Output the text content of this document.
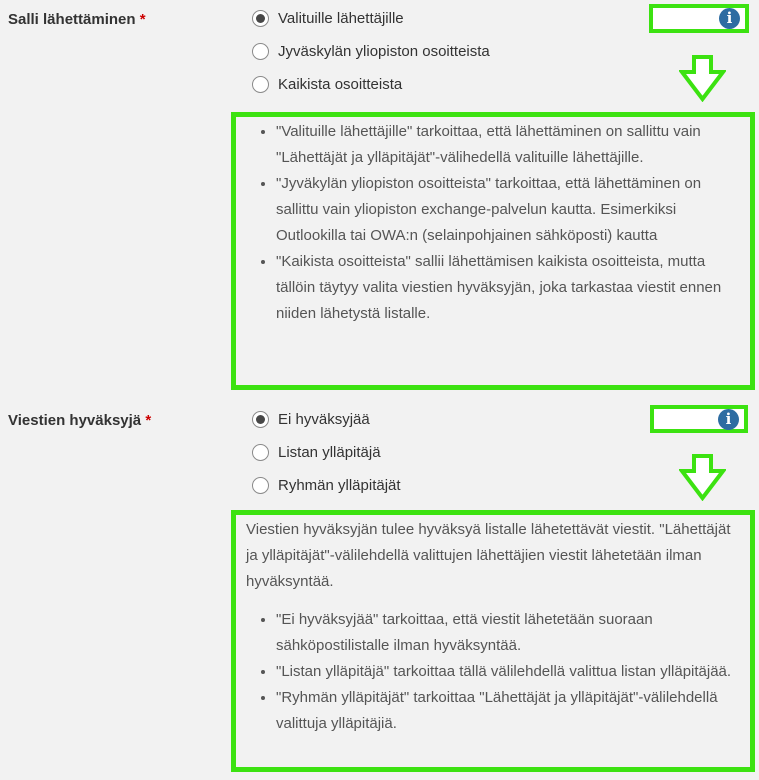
Salli lähettäminen *	Valituille lähettäjille
Jyväskylän yliopiston osoitteista
Kaikista osoitteista
i
• "Valituille lähettäjille" tarkoittaa, että lähettäminen on sallittu vain "Lähettäjät ja ylläpitäjät"-välihedellä valituille lähettäjille.
• "Jyväkylän yliopiston osoitteista" tarkoittaa, että lähettäminen on sallittu vain yliopiston exchange-palvelun kautta. Esimerkiksi Outlookilla tai OWA:n (selainpohjainen sähköposti) kautta
• "Kaikista osoitteista" sallii lähettämisen kaikista osoitteista, mutta tällöin täytyy valita viestien hyväksyjän, joka tarkastaa viestit ennen niiden lähetystä listalle.
Viestien hyväksyjä *	Ei hyväksyjää
Listan ylläpitäjä
Ryhmän ylläpitäjät
i

Viestien hyväksyjän tulee hyväksyä listalle lähetettävät viestit. "Lähettäjät ja ylläpitäjät"-välilehdellä valittujen lähettäjien viestit lähetetään ilman hyväksyntää.

• "Ei hyväksyjää" tarkoittaa, että viestit lähetetään suoraan sähköpostilistalle ilman hyväksyntää.
• "Listan ylläpitäjä" tarkoittaa tällä välilehdellä valittua listan ylläpitäjää.
• "Ryhmän ylläpitäjät" tarkoittaa "Lähettäjät ja ylläpitäjät"-välilehdellä valittuja ylläpitäjiä.
